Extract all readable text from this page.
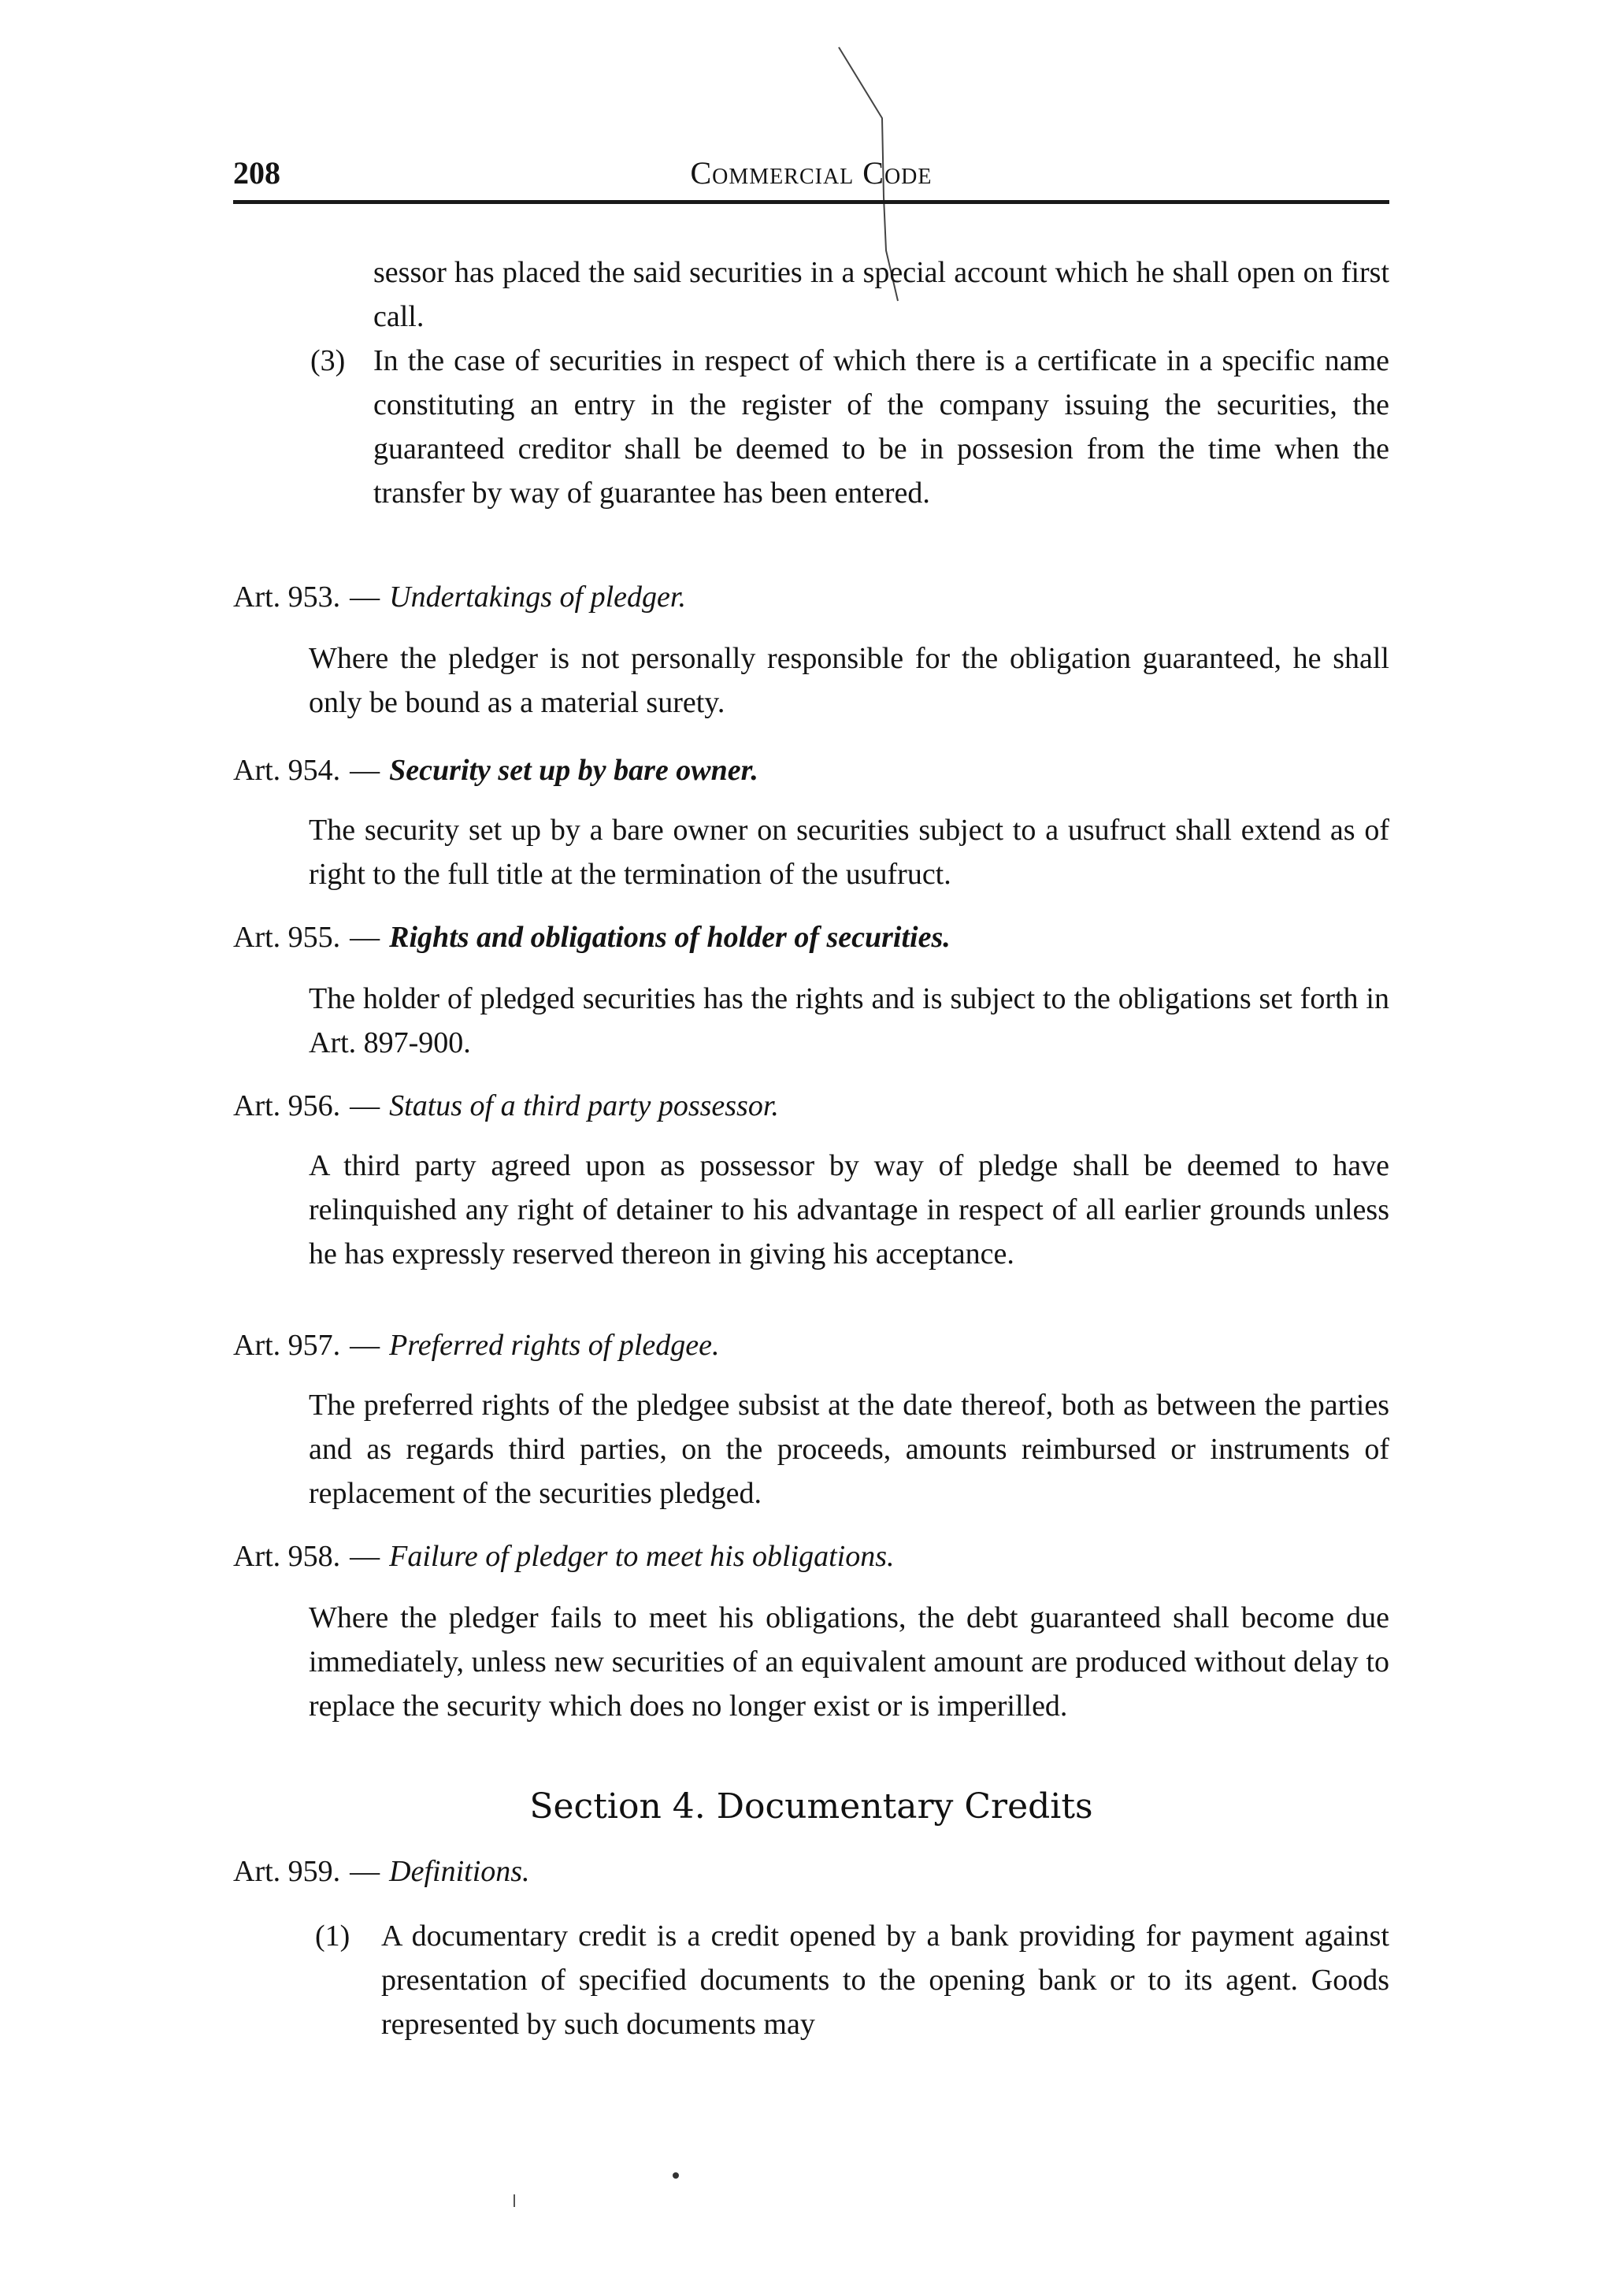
208	Commercial Code

sessor has placed the said securities in a special account which he shall open on first call.

(3) In the case of securities in respect of which there is a certificate in a specific name constituting an entry in the register of the company issuing the securities, the guaranteed creditor shall be deemed to be in possesion from the time when the transfer by way of guarantee has been entered.

Art. 953. — Undertakings of pledger.

Where the pledger is not personally responsible for the obligation guaranteed, he shall only be bound as a material surety.

Art. 954. — Security set up by bare owner.

The security set up by a bare owner on securities subject to a usufruct shall extend as of right to the full title at the termination of the usufruct.

Art. 955. — Rights and obligations of holder of securities.

The holder of pledged securities has the rights and is subject to the obligations set forth in Art. 897-900.

Art. 956. — Status of a third party possessor.

A third party agreed upon as possessor by way of pledge shall be deemed to have relinquished any right of detainer to his advantage in respect of all earlier grounds unless he has expressly reserved thereon in giving his acceptance.

Art. 957. — Preferred rights of pledgee.

The preferred rights of the pledgee subsist at the date thereof, both as between the parties and as regards third parties, on the proceeds, amounts reimbursed or instruments of replacement of the securities pledged.

Art. 958. — Failure of pledger to meet his obligations.

Where the pledger fails to meet his obligations, the debt guaranteed shall become due immediately, unless new securities of an equivalent amount are produced without delay to replace the security which does no longer exist or is imperilled.

Section 4. Documentary Credits
Art. 959. — Definitions.
(1) A documentary credit is a credit opened by a bank providing for payment against presentation of specified documents to the opening bank or to its agent. Goods represented by such documents may
